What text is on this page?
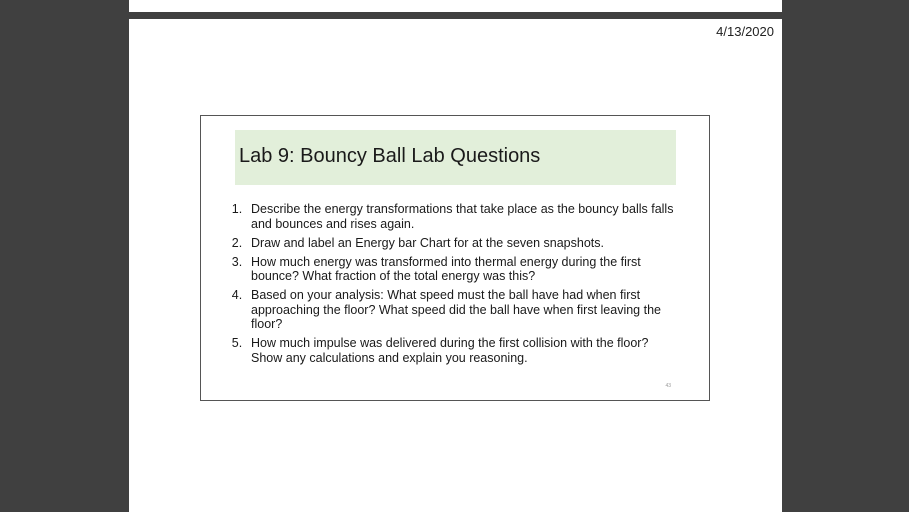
4/13/2020
Lab 9: Bouncy Ball Lab Questions
1. Describe the energy transformations that take place as the bouncy balls falls and bounces and rises again.
2. Draw and label an Energy bar Chart for at the seven snapshots.
3. How much energy was transformed into thermal energy during the first bounce? What fraction of the total energy was this?
4. Based on your analysis: What speed must the ball have had when first approaching the floor? What speed did the ball have when first leaving the floor?
5. How much impulse was delivered during the first collision with the floor? Show any calculations and explain you reasoning.
43
